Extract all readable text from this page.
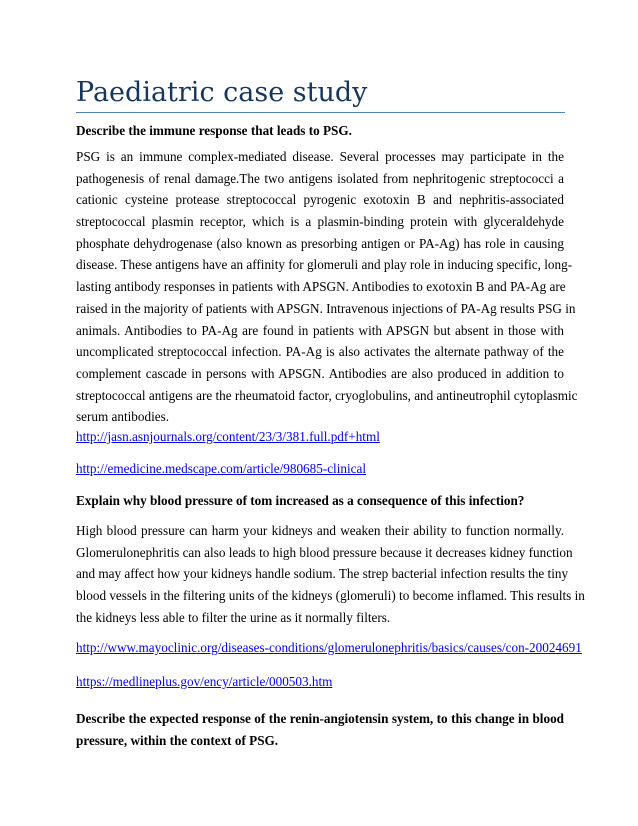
Paediatric case study

Describe the immune response that leads to PSG.

PSG is an immune complex-mediated disease. Several processes may participate in the
pathogenesis of renal damage.The two antigens isolated from nephritogenic streptococci a
cationic cysteine protease streptococcal pyrogenic exotoxin B and nephritis-associated
streptococcal plasmin receptor, which is a plasmin-binding protein with glyceraldehyde
phosphate dehydrogenase (also known as presorbing antigen or PA-Ag) has role in causing
disease. These antigens have an affinity for glomeruli and play role in inducing specific, long-
lasting antibody responses in patients with APSGN. Antibodies to exotoxin B and PA-Ag are
raised in the majority of patients with APSGN. Intravenous injections of PA-Ag results PSG in
animals. Antibodies to PA-Ag are found in patients with APSGN but absent in those with
uncomplicated streptococcal infection. PA-Ag is also activates the alternate pathway of the
complement cascade in persons with APSGN. Antibodies are also produced in addition to
streptococcal antigens are the rheumatoid factor, cryoglobulins, and antineutrophil cytoplasmic
serum antibodies.
http://jasn.asnjournals.org/content/23/3/381.full.pdf+html
http://emedicine.medscape.com/article/980685-clinical

Explain why blood pressure of tom increased as a consequence of this infection?

High blood pressure can harm your kidneys and weaken their ability to function normally.
Glomerulonephritis can also leads to high blood pressure because it decreases kidney function
and may affect how your kidneys handle sodium. The strep bacterial infection results the tiny
blood vessels in the filtering units of the kidneys (glomeruli) to become inflamed. This results in
the kidneys less able to filter the urine as it normally filters.
http://www.mayoclinic.org/diseases-conditions/glomerulonephritis/basics/causes/con-20024691
https://medlineplus.gov/ency/article/000503.htm
Describe the expected response of the renin-angiotensin system, to this change in blood
pressure, within the context of PSG.
